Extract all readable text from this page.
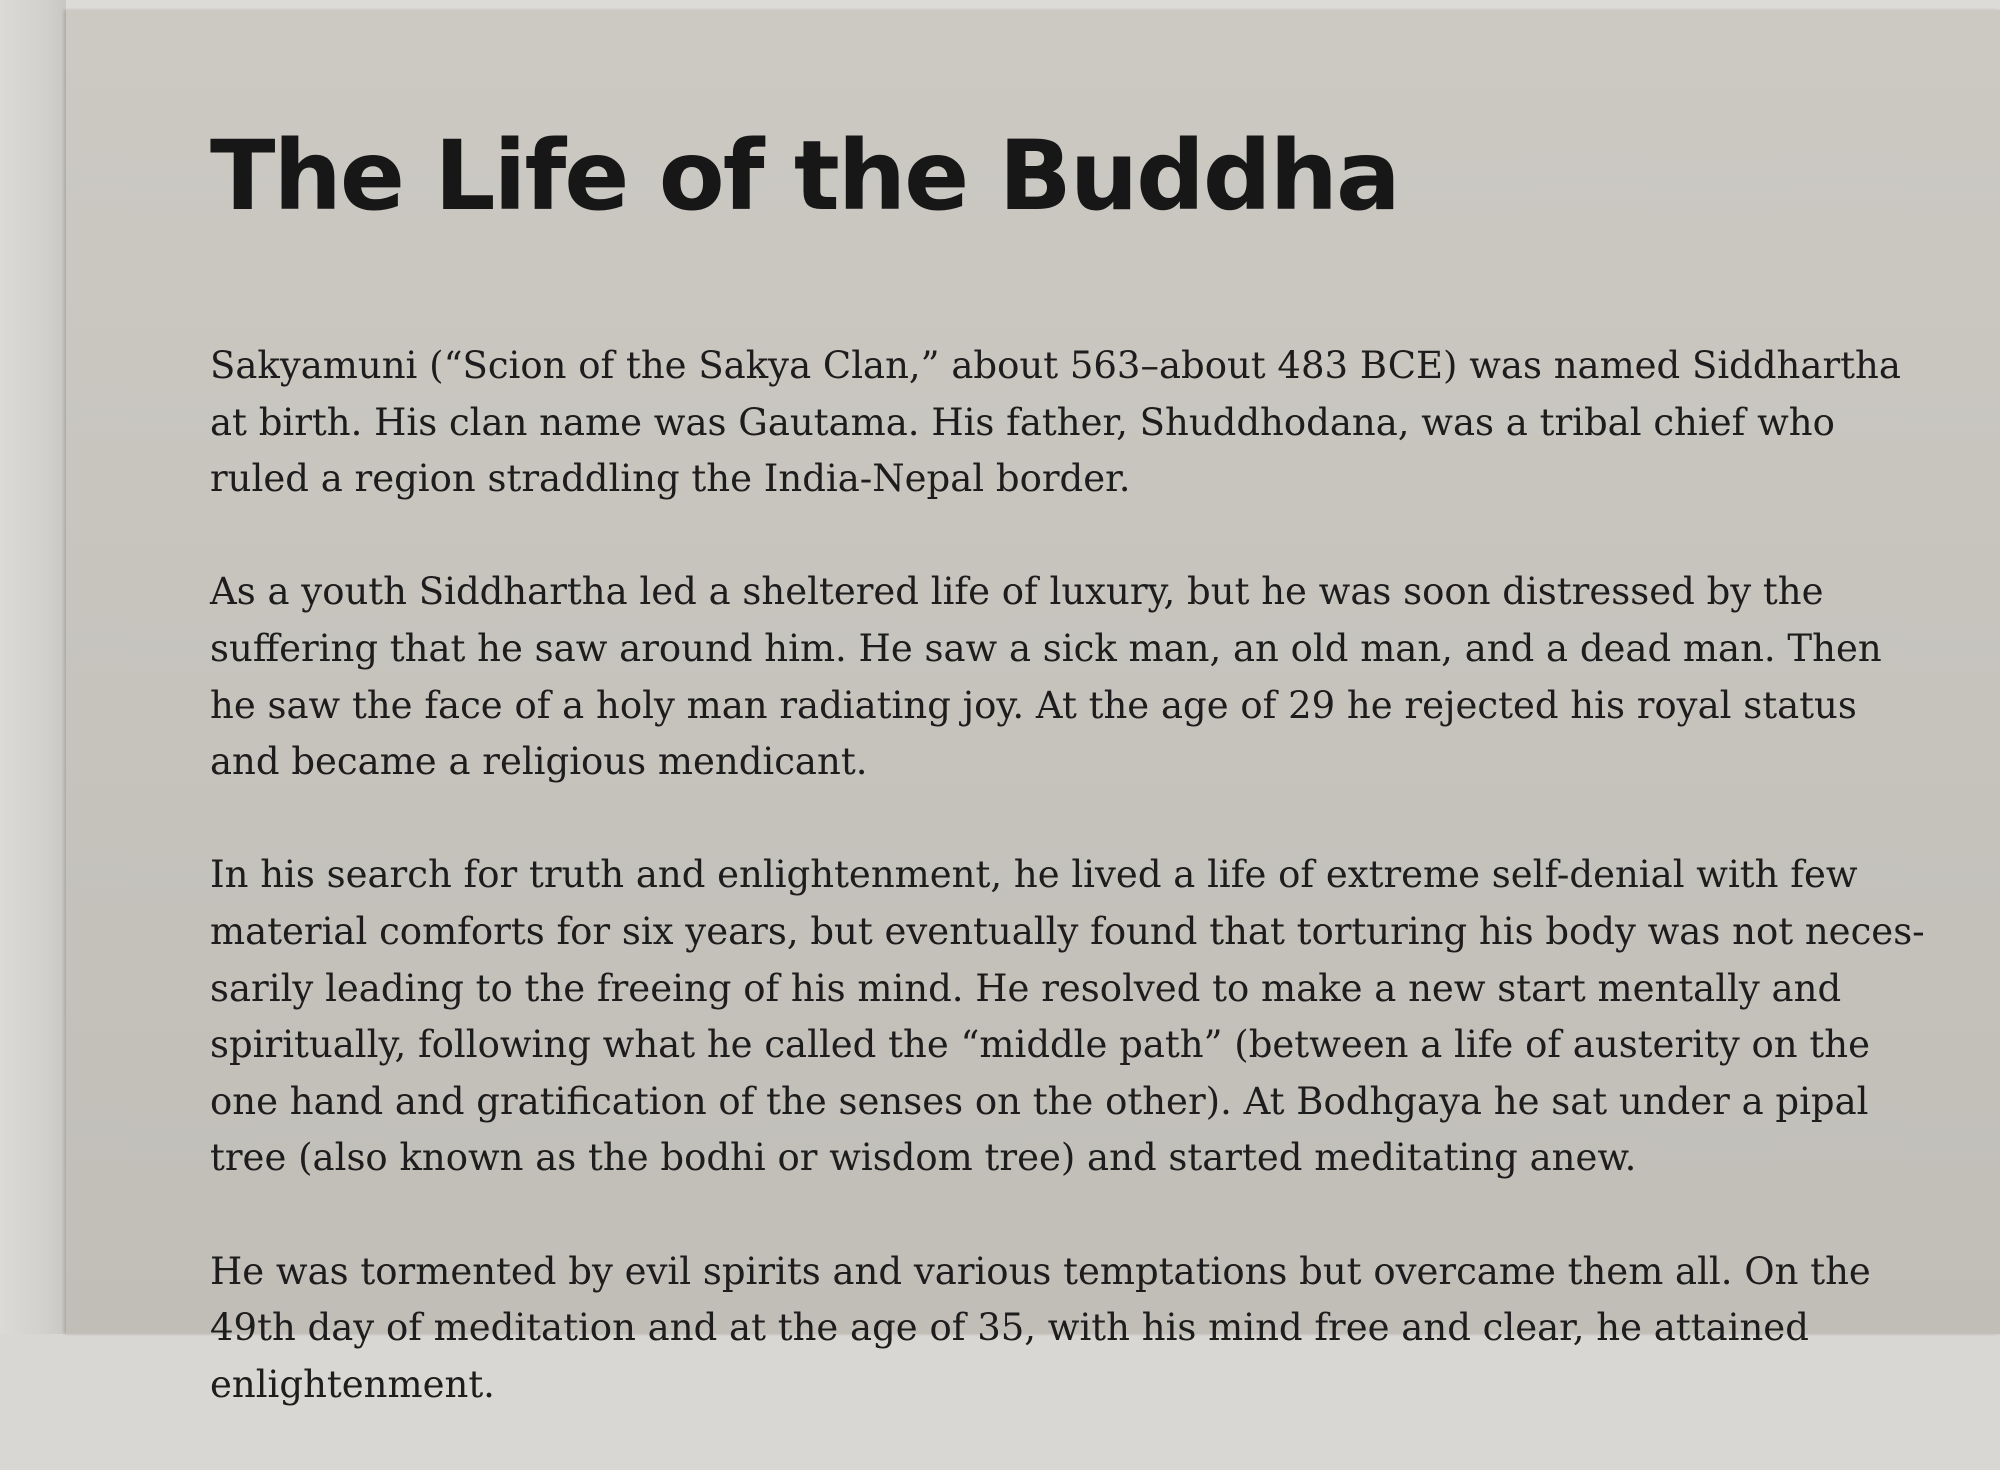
The Life of the Buddha

Sakyamuni (“Scion of the Sakya Clan,” about 563–about 483 BCE) was named Siddhartha at birth. His clan name was Gautama. His father, Shuddhodana, was a tribal chief who ruled a region straddling the India-Nepal border.

As a youth Siddhartha led a sheltered life of luxury, but he was soon distressed by the suffering that he saw around him. He saw a sick man, an old man, and a dead man. Then he saw the face of a holy man radiating joy. At the age of 29 he rejected his royal status and became a religious mendicant.

In his search for truth and enlightenment, he lived a life of extreme self-denial with few material comforts for six years, but eventually found that torturing his body was not neces-sarily leading to the freeing of his mind. He resolved to make a new start mentally and spiritually, following what he called the “middle path” (between a life of austerity on the one hand and gratification of the senses on the other). At Bodhgaya he sat under a pipal tree (also known as the bodhi or wisdom tree) and started meditating anew.

He was tormented by evil spirits and various temptations but overcame them all. On the 49th day of meditation and at the age of 35, with his mind free and clear, he attained enlightenment.
